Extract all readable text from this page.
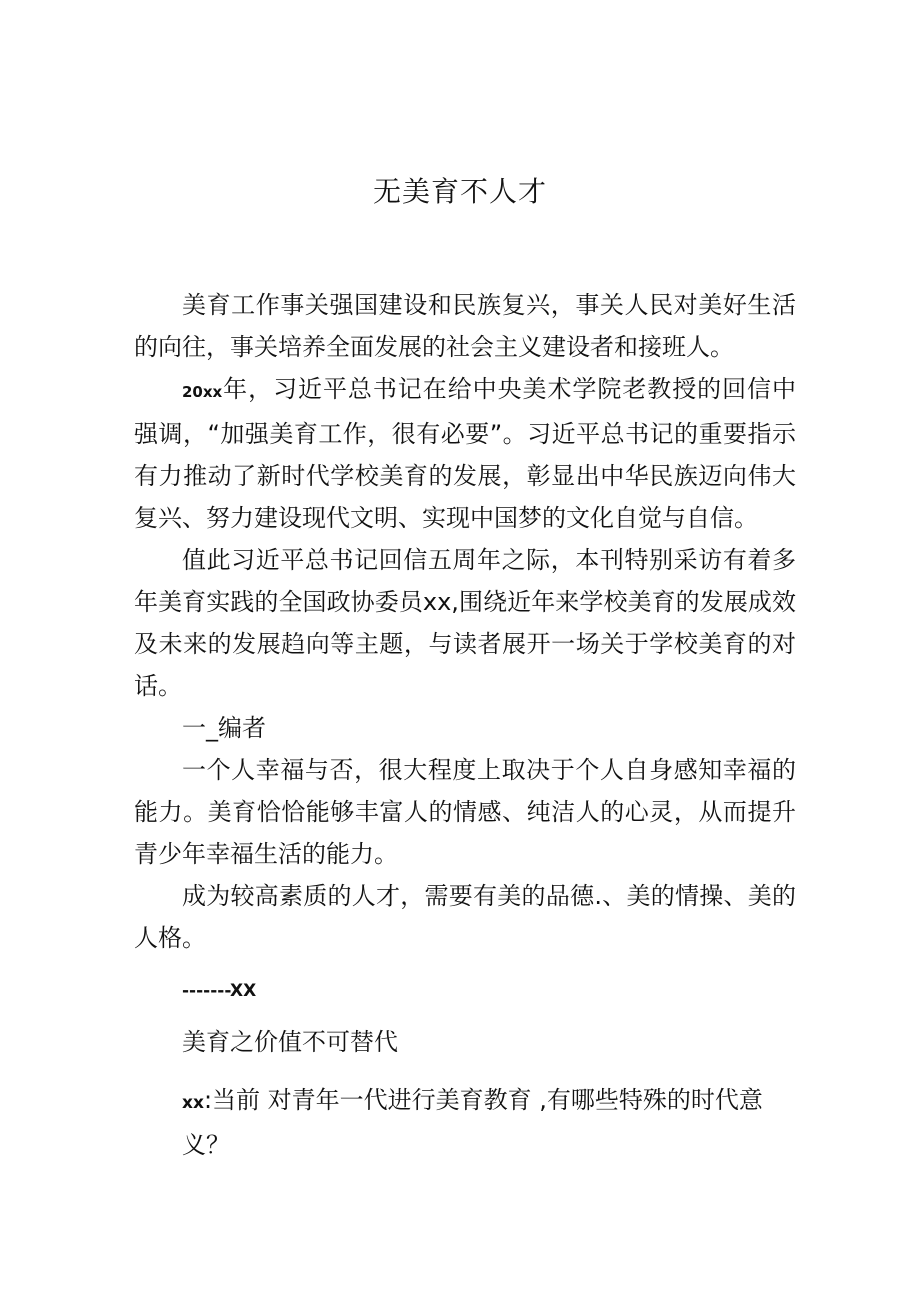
无美育不人才

美育工作事关强国建设和民族复兴，事关人民对美好生活的向往，事关培养全面发展的社会主义建设者和接班人。

20xx年，习近平总书记在给中央美术学院老教授的回信中强调，“加强美育工作，很有必要”。习近平总书记的重要指示有力推动了新时代学校美育的发展，彰显出中华民族迈向伟大复兴、努力建设现代文明、实现中国梦的文化自觉与自信。

值此习近平总书记回信五周年之际，本刊特别采访有着多年美育实践的全国政协委员xx,围绕近年来学校美育的发展成效及未来的发展趋向等主题，与读者展开一场关于学校美育的对话。

一_编者

一个人幸福与否，很大程度上取决于个人自身感知幸福的能力。美育恰恰能够丰富人的情感、纯洁人的心灵，从而提升青少年幸福生活的能力。

成为较高素质的人才，需要有美的品德.、美的情操、美的人格。

-------XX

美育之价值不可替代

xx:当前 对青年一代进行美育教育 ,有哪些特殊的时代意义？
